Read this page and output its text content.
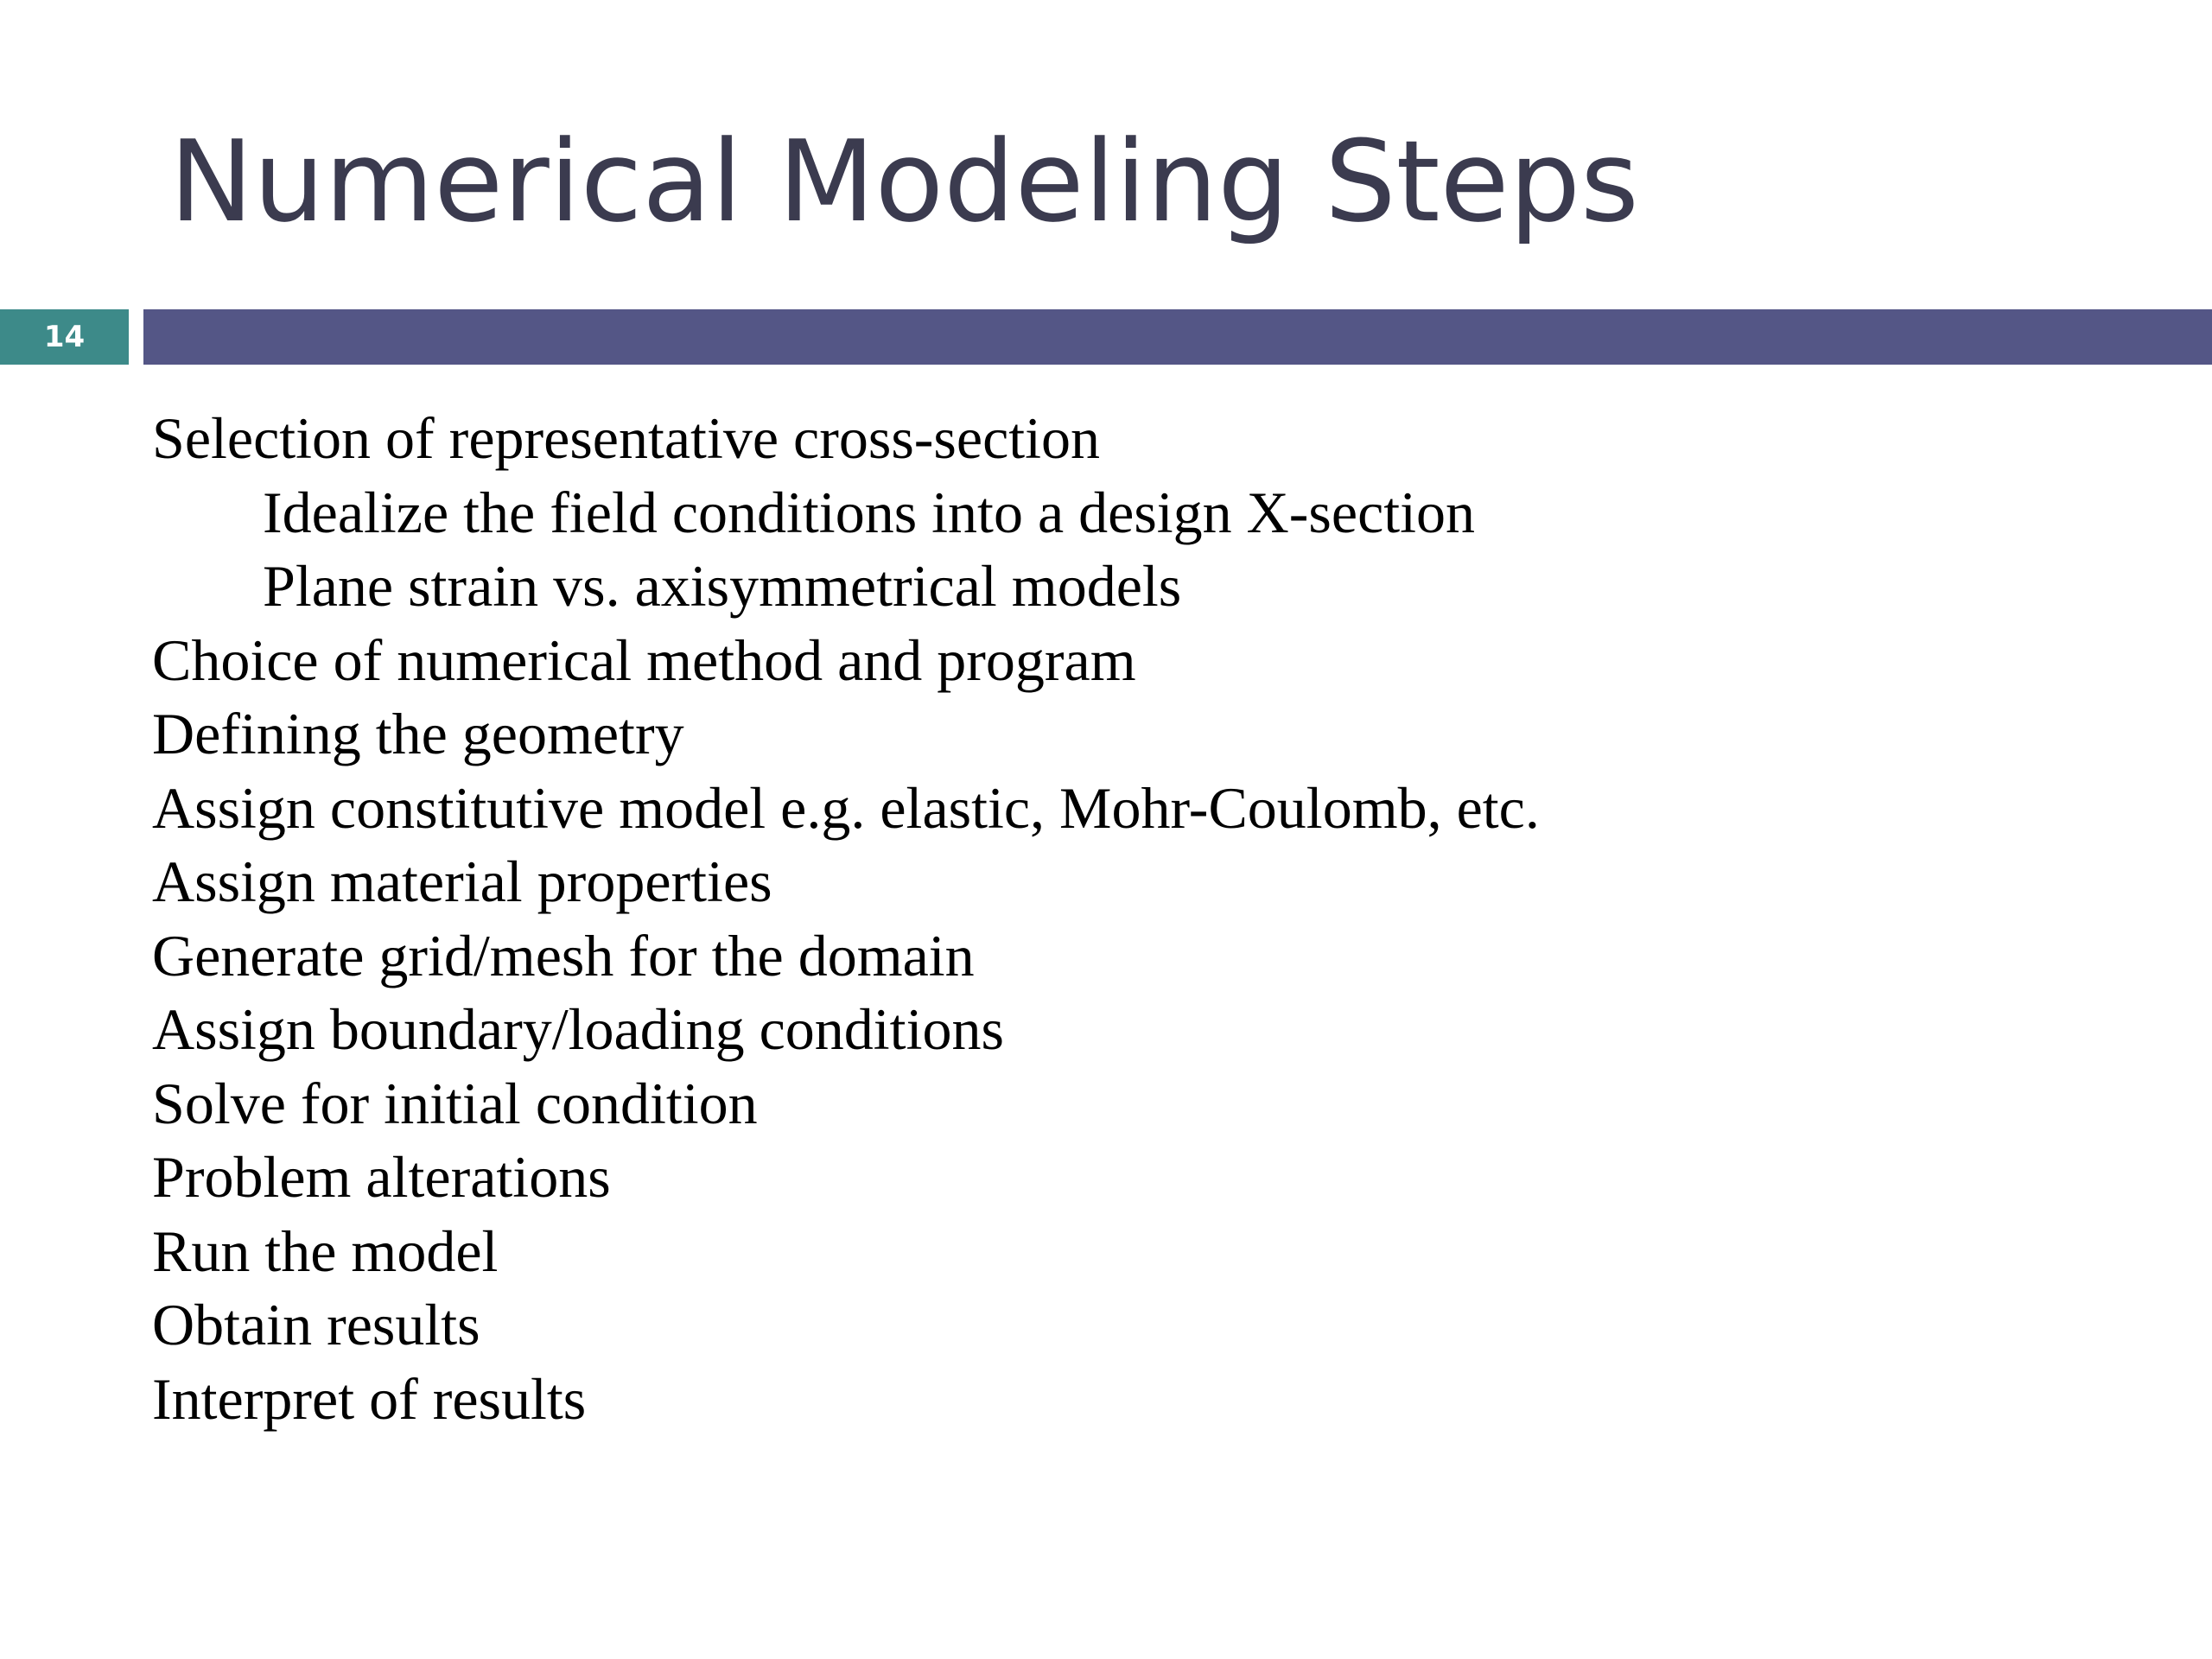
Numerical Modeling Steps
14
Selection of representative cross-section
Idealize the field conditions into a design X-section
Plane strain vs. axisymmetrical models
Choice of numerical method and program
Defining the geometry
Assign constitutive model e.g. elastic, Mohr-Coulomb, etc.
Assign material properties
Generate grid/mesh for the domain
Assign boundary/loading conditions
Solve for initial condition
Problem alterations
Run the model
Obtain results
Interpret of results
